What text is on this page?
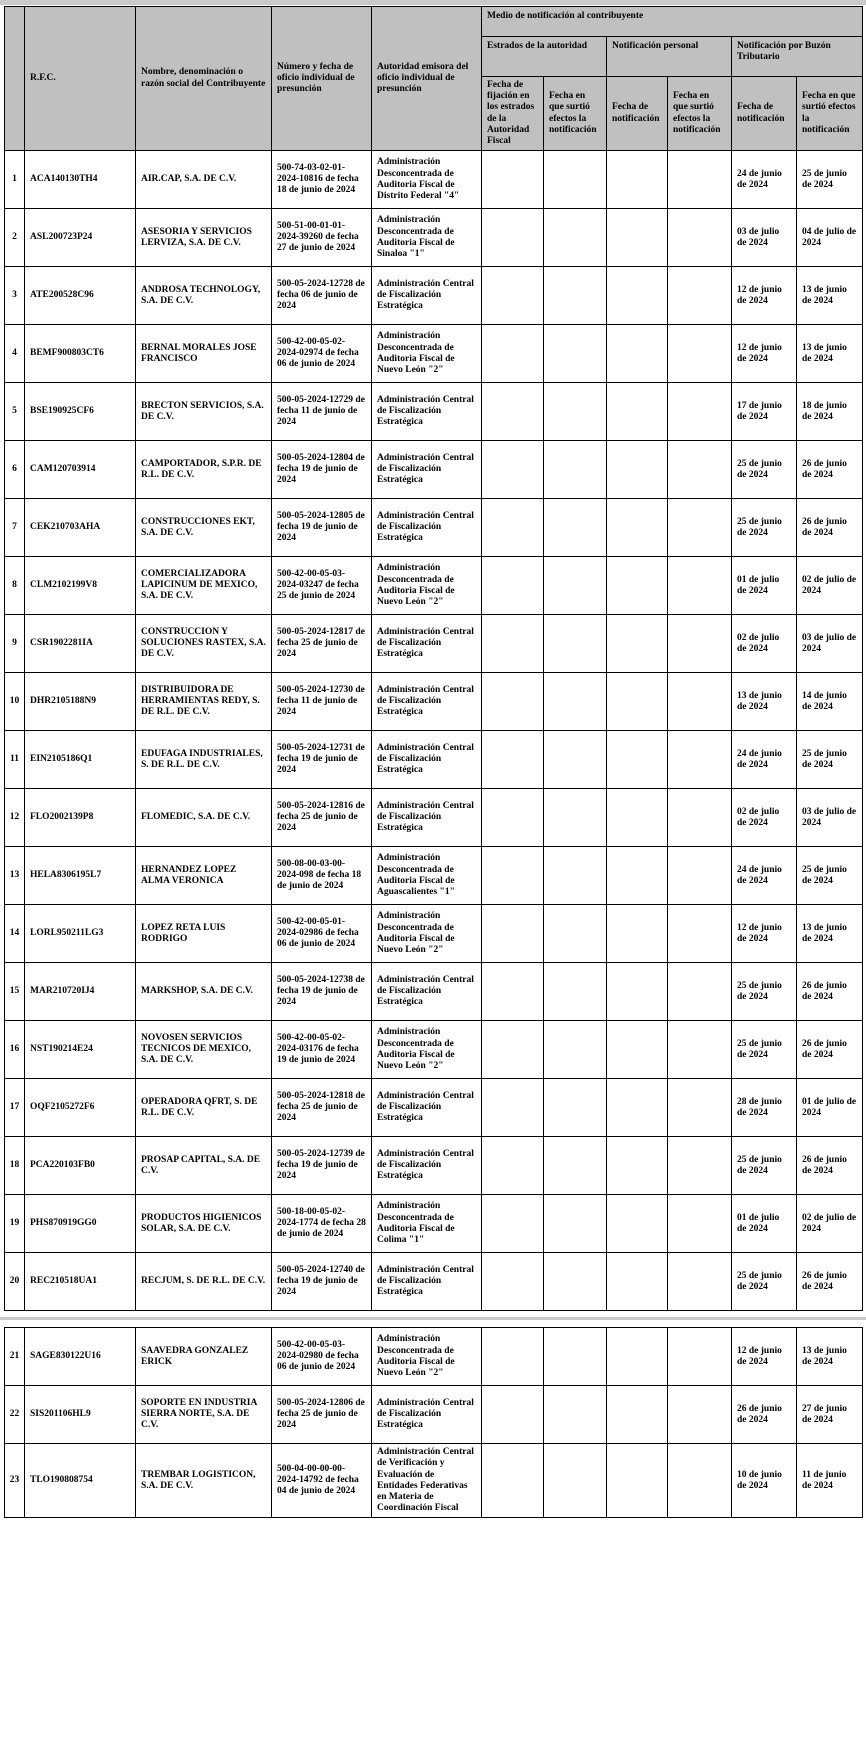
	R.F.C.	Nombre, denominación o razón social del Contribuyente	Número y fecha de oficio individual de presunción	Autoridad emisora del oficio individual de presunción	Medio de notificación al contribuyente					
					Estrados de la autoridad		Notificación personal		Notificación por Buzón Tributario	
					Fecha de fijación en los estrados de la Autoridad Fiscal	Fecha en que surtió efectos la notificación	Fecha de notificación	Fecha en que surtió efectos la notificación	Fecha de notificación	Fecha en que surtió efectos la notificación
1	ACA140130TH4	AIR.CAP, S.A. DE C.V.	500-74-03-02-01-2024-10816 de fecha 18 de junio de 2024	Administración Desconcentrada de Auditoria Fiscal de Distrito Federal "4"					24 de junio de 2024	25 de junio de 2024
2	ASL200723P24	ASESORIA Y SERVICIOS LERVIZA, S.A. DE C.V.	500-51-00-01-01-2024-39260 de fecha 27 de junio de 2024	Administración Desconcentrada de Auditoria Fiscal de Sinaloa "1"					03 de julio de 2024	04 de julio de 2024
3	ATE200528C96	ANDROSA TECHNOLOGY, S.A. DE C.V.	500-05-2024-12728 de fecha 06 de junio de 2024	Administración Central de Fiscalización Estratégica					12 de junio de 2024	13 de junio de 2024
4	BEMF900803CT6	BERNAL MORALES JOSE FRANCISCO	500-42-00-05-02-2024-02974 de fecha 06 de junio de 2024	Administración Desconcentrada de Auditoria Fiscal de Nuevo León "2"					12 de junio de 2024	13 de junio de 2024
5	BSE190925CF6	BRECTON SERVICIOS, S.A. DE C.V.	500-05-2024-12729 de fecha 11 de junio de 2024	Administración Central de Fiscalización Estratégica					17 de junio de 2024	18 de junio de 2024
6	CAM120703914	CAMPORTADOR, S.P.R. DE R.L. DE C.V.	500-05-2024-12804 de fecha 19 de junio de 2024	Administración Central de Fiscalización Estratégica					25 de junio de 2024	26 de junio de 2024
7	CEK210703AHA	CONSTRUCCIONES EKT, S.A. DE C.V.	500-05-2024-12805 de fecha 19 de junio de 2024	Administración Central de Fiscalización Estratégica					25 de junio de 2024	26 de junio de 2024
8	CLM2102199V8	COMERCIALIZADORA LAPICINUM DE MEXICO, S.A. DE C.V.	500-42-00-05-03-2024-03247 de fecha 25 de junio de 2024	Administración Desconcentrada de Auditoria Fiscal de Nuevo León "2"					01 de julio de 2024	02 de julio de 2024
9	CSR1902281IA	CONSTRUCCION Y SOLUCIONES RASTEX, S.A. DE C.V.	500-05-2024-12817 de fecha 25 de junio de 2024	Administración Central de Fiscalización Estratégica					02 de julio de 2024	03 de julio de 2024
10	DHR2105188N9	DISTRIBUIDORA DE HERRAMIENTAS REDY, S. DE R.L. DE C.V.	500-05-2024-12730 de fecha 11 de junio de 2024	Administración Central de Fiscalización Estratégica					13 de junio de 2024	14 de junio de 2024
11	EIN2105186Q1	EDUFAGA INDUSTRIALES, S. DE R.L. DE C.V.	500-05-2024-12731 de fecha 19 de junio de 2024	Administración Central de Fiscalización Estratégica					24 de junio de 2024	25 de junio de 2024
12	FLO2002139P8	FLOMEDIC, S.A. DE C.V.	500-05-2024-12816 de fecha 25 de junio de 2024	Administración Central de Fiscalización Estratégica					02 de julio de 2024	03 de julio de 2024
13	HELA8306195L7	HERNANDEZ LOPEZ ALMA VERONICA	500-08-00-03-00-2024-098 de fecha 18 de junio de 2024	Administración Desconcentrada de Auditoria Fiscal de Aguascalientes "1"					24 de junio de 2024	25 de junio de 2024
14	LORL950211LG3	LOPEZ RETA LUIS RODRIGO	500-42-00-05-01-2024-02986 de fecha 06 de junio de 2024	Administración Desconcentrada de Auditoria Fiscal de Nuevo León "2"					12 de junio de 2024	13 de junio de 2024
15	MAR210720IJ4	MARKSHOP, S.A. DE C.V.	500-05-2024-12738 de fecha 19 de junio de 2024	Administración Central de Fiscalización Estratégica					25 de junio de 2024	26 de junio de 2024
16	NST190214E24	NOVOSEN SERVICIOS TECNICOS DE MEXICO, S.A. DE C.V.	500-42-00-05-02-2024-03176 de fecha 19 de junio de 2024	Administración Desconcentrada de Auditoria Fiscal de Nuevo León "2"					25 de junio de 2024	26 de junio de 2024
17	OQF2105272F6	OPERADORA QFRT, S. DE R.L. DE C.V.	500-05-2024-12818 de fecha 25 de junio de 2024	Administración Central de Fiscalización Estratégica					28 de junio de 2024	01 de julio de 2024
18	PCA220103FB0	PROSAP CAPITAL, S.A. DE C.V.	500-05-2024-12739 de fecha 19 de junio de 2024	Administración Central de Fiscalización Estratégica					25 de junio de 2024	26 de junio de 2024
19	PHS870919GG0	PRODUCTOS HIGIENICOS SOLAR, S.A. DE C.V.	500-18-00-05-02-2024-1774 de fecha 28 de junio de 2024	Administración Desconcentrada de Auditoria Fiscal de Colima "1"					01 de julio de 2024	02 de julio de 2024
20	REC210518UA1	RECJUM, S. DE R.L. DE C.V.	500-05-2024-12740 de fecha 19 de junio de 2024	Administración Central de Fiscalización Estratégica					25 de junio de 2024	26 de junio de 2024
21	SAGE830122U16	SAAVEDRA GONZALEZ ERICK	500-42-00-05-03-2024-02980 de fecha 06 de junio de 2024	Administración Desconcentrada de Auditoria Fiscal de Nuevo León "2"					12 de junio de 2024	13 de junio de 2024
22	SIS201106HL9	SOPORTE EN INDUSTRIA SIERRA NORTE, S.A. DE C.V.	500-05-2024-12806 de fecha 25 de junio de 2024	Administración Central de Fiscalización Estratégica					26 de junio de 2024	27 de junio de 2024
23	TLO190808754	TREMBAR LOGISTICON, S.A. DE C.V.	500-04-00-00-00-2024-14792 de fecha 04 de junio de 2024	Administración Central de Verificación y Evaluación de Entidades Federativas en Materia de Coordinación Fiscal					10 de junio de 2024	11 de junio de 2024
